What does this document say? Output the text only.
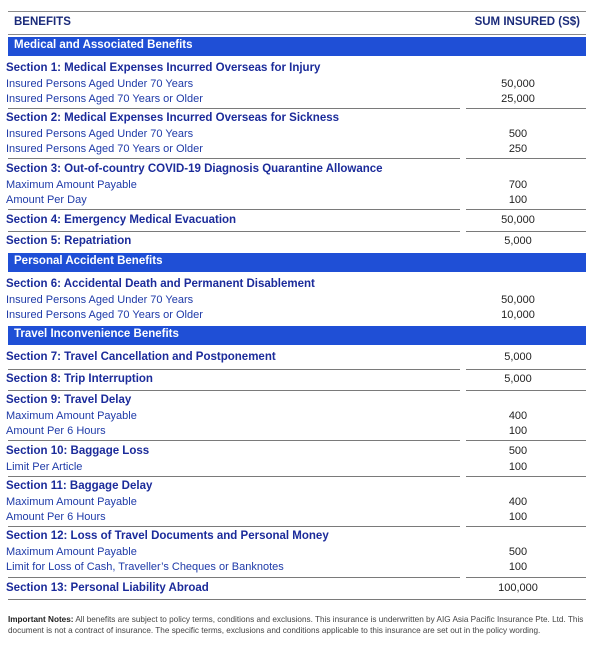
BENEFITS	SUM INSURED (S$)
Medical and Associated Benefits
Section 1: Medical Expenses Incurred Overseas for Injury
Insured Persons Aged Under 70 Years	50,000
Insured Persons Aged 70 Years or Older	25,000
Section 2: Medical Expenses Incurred Overseas for Sickness
Insured Persons Aged Under 70 Years	500
Insured Persons Aged 70 Years or Older	250
Section 3: Out-of-country COVID-19 Diagnosis Quarantine Allowance
Maximum Amount Payable	700
Amount Per Day	100
Section 4: Emergency Medical Evacuation	50,000
Section 5: Repatriation	5,000
Personal Accident Benefits
Section 6: Accidental Death and Permanent Disablement
Insured Persons Aged Under 70 Years	50,000
Insured Persons Aged 70 Years or Older	10,000
Travel Inconvenience Benefits
Section 7: Travel Cancellation and Postponement	5,000
Section 8: Trip Interruption	5,000
Section 9: Travel Delay
Maximum Amount Payable	400
Amount Per 6 Hours	100
Section 10: Baggage Loss	500
Limit Per Article	100
Section 11: Baggage Delay
Maximum Amount Payable	400
Amount Per 6 Hours	100
Section 12: Loss of Travel Documents and Personal Money
Maximum Amount Payable	500
Limit for Loss of Cash, Traveller’s Cheques or Banknotes	100
Section 13: Personal Liability Abroad	100,000
Important Notes: All benefits are subject to policy terms, conditions and exclusions. This insurance is underwritten by AIG Asia Pacific Insurance Pte. Ltd. This document is not a contract of insurance. The specific terms, exclusions and conditions applicable to this insurance are set out in the policy wording.
